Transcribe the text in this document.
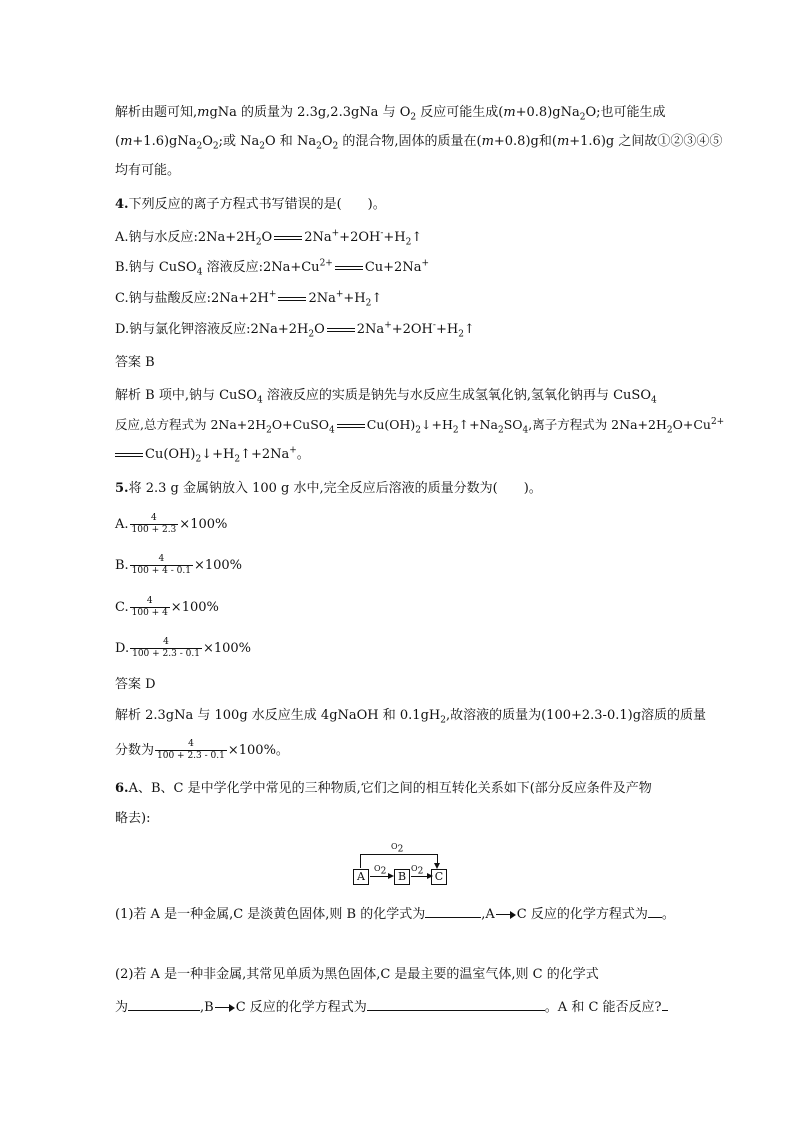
解析由题可知,mgNa 的质量为 2.3g,2.3gNa 与 $O_2$ 反应可能生成(m+0.8)gNa$_2$O;也可能生成
$(m+1.6)gNa_2O_2$;或 $Na_2O$ 和 $Na_2O_2$ 的混合物,固体的质量在(m+0.8)g和(m+1.6)g 之间故①②③④⑤
均有可能。
4.下列反应的离子方程式书写错误的是(　　)。
A.钠与水反应$:2Na+2H_2O$ $2Na^++2OH^-+H_2↑$
B.钠与 CuSO$_4$ 溶液反应$:2Na+Cu^{2+}$ Cu+2Na+
C.钠与盐酸反应:2Na+2H+ $2Na^++H_2↑$
D.钠与氯化钾溶液反应$:2Na+2H_2O$ $2Na^++2OH^-+H_2↑$
答案 B
解析 B 项中,钠与 CuSO$_4$ 溶液反应的实质是钠先与水反应生成氢氧化钠,氢氧化钠再与 CuSO$_4$
反应,总方程式为 $2Na+2H_2O+CuSO_4$	$Cu(OH)_2↓+H_2↑+Na_2SO_4$,离子方程式为 $2Na+2H_2O+Cu^{2+}$
$Cu(OH)_2↓+H_2↑+2Na^+$。
5.将 2.3 g 金属钠放入 100 g 水中,完全反应后溶液的质量分数为(　　)。
A. $\frac{4}{100 + 2.3} \times 100\%$
B. $\frac{4}{100 + 4 - 0.1} \times 100\%$
C. $\frac{4}{100 + 4} \times 100\%$
D. $\frac{4}{100 + 2.3 - 0.1} \times 100\%$
答案 D
解析 2.3gNa 与 100g 水反应生成 4gNaOH 和 $0.1gH_2$,故溶液的质量为(100+2.3-0.1)g溶质的质量
分数为 $\frac{4}{100 + 2.3 - 0.1} \times 100\%$。
6.A、B、C 是中学化学中常见的三种物质,它们之间的相互转化关系如下(部分反应条件及产物
略去):
$O_2$
A
$O_2$	B
$O_2$	C
(1)若 A 是一种金属,C 是淡黄色固体,则 B 的化学式为	,A C 反应的化学方程式为 。
(2)若 A 是一种非金属,其常见单质为黑色固体,C 是最主要的温室气体,则 C 的化学式
为	,B C 反应的化学方程式为	。A 和 C 能否反应?
